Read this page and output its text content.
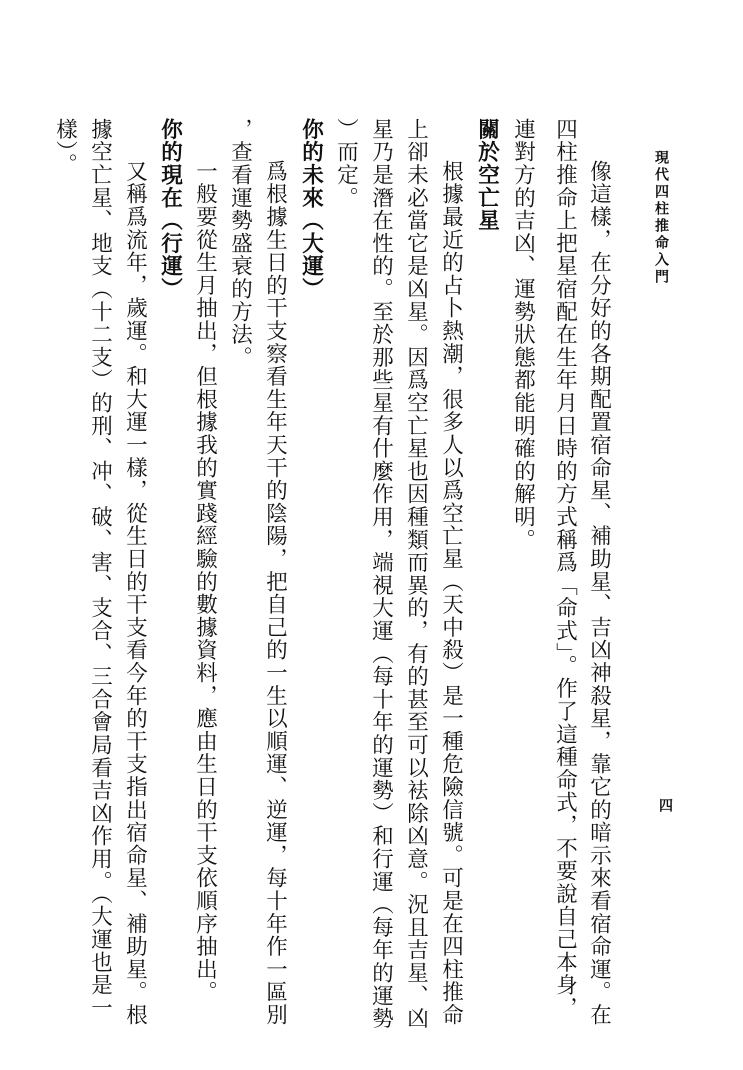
現代四柱推命入門
四
像這樣，在分好的各期配置宿命星、補助星、吉凶神殺星，靠它的暗示來看宿命運。在
四柱推命上把星宿配在生年月日時的方式稱爲「命式」。作了這種命式，不要說自己本身，
連對方的吉凶、運勢狀態都能明確的解明。
關於空亡星
根據最近的占卜熱潮，很多人以爲空亡星（天中殺）是一種危險信號。可是在四柱推命
上卻未必當它是凶星。因爲空亡星也因種類而異的，有的甚至可以袪除凶意。況且吉星、凶
星乃是潛在性的。至於那些星有什麼作用，端視大運（每十年的運勢）和行運（每年的運勢
）而定。
你的未來（大運）
爲根據生日的干支察看生年天干的陰陽，把自己的一生以順運、逆運，每十年作一區別
，查看運勢盛衰的方法。
一般要從生月抽出，但根據我的實踐經驗的數據資料，應由生日的干支依順序抽出。
你的現在（行運）
又稱爲流年，歲運。和大運一樣，從生日的干支看今年的干支指出宿命星、補助星。根
據空亡星、地支（十二支）的刑、冲、破、害、支合、三合會局看吉凶作用。（大運也是一
樣）。
